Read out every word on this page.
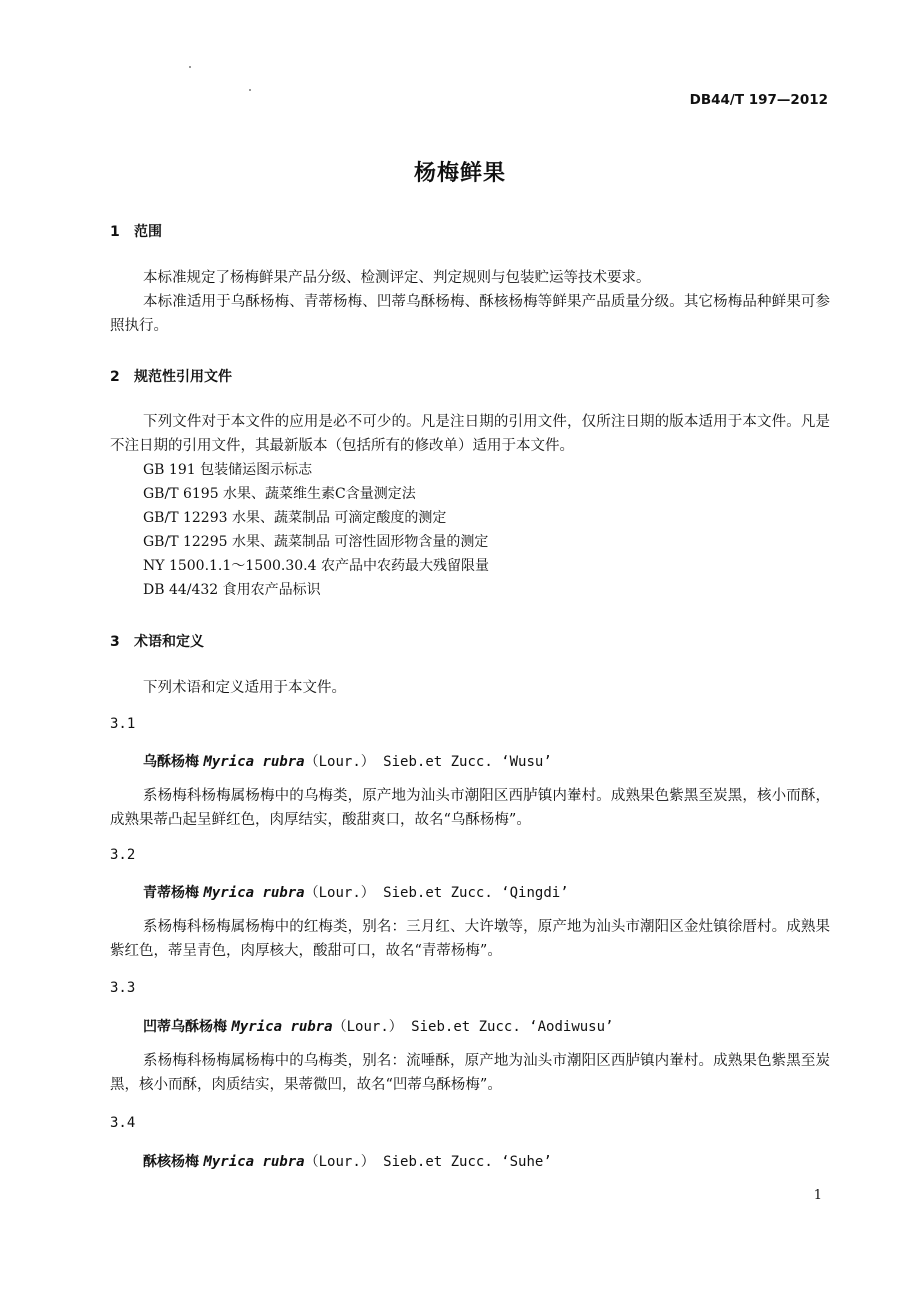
DB44/T 197—2012
杨梅鲜果
1 范围
本标准规定了杨梅鲜果产品分级、检测评定、判定规则与包装贮运等技术要求。
本标准适用于乌酥杨梅、青蒂杨梅、凹蒂乌酥杨梅、酥核杨梅等鲜果产品质量分级。其它杨梅品种鲜果可参照执行。
2 规范性引用文件
下列文件对于本文件的应用是必不可少的。凡是注日期的引用文件，仅所注日期的版本适用于本文件。凡是不注日期的引用文件，其最新版本（包括所有的修改单）适用于本文件。
GB 191 包装储运图示标志
GB/T 6195 水果、蔬菜维生素C含量测定法
GB/T 12293 水果、蔬菜制品 可滴定酸度的测定
GB/T 12295 水果、蔬菜制品 可溶性固形物含量的测定
NY 1500.1.1～1500.30.4 农产品中农药最大残留限量
DB 44/432 食用农产品标识
3 术语和定义
下列术语和定义适用于本文件。
3.1
乌酥杨梅 Myrica rubra（Lour.） Sieb.et Zucc. ‘Wusu’
系杨梅科杨梅属杨梅中的乌梅类，原产地为汕头市潮阳区西胪镇内輋村。成熟果色紫黑至炭黑，核小而酥，成熟果蒂凸起呈鲜红色，肉厚结实，酸甜爽口，故名“乌酥杨梅”。
3.2
青蒂杨梅 Myrica rubra（Lour.） Sieb.et Zucc. ‘Qingdi’
系杨梅科杨梅属杨梅中的红梅类，别名：三月红、大许墩等，原产地为汕头市潮阳区金灶镇徐厝村。成熟果紫红色，蒂呈青色，肉厚核大，酸甜可口，故名“青蒂杨梅”。
3.3
凹蒂乌酥杨梅 Myrica rubra（Lour.） Sieb.et Zucc. ‘Aodiwusu’
系杨梅科杨梅属杨梅中的乌梅类，别名：流唾酥，原产地为汕头市潮阳区西胪镇内輋村。成熟果色紫黑至炭黑，核小而酥，肉质结实，果蒂微凹，故名“凹蒂乌酥杨梅”。
3.4
酥核杨梅 Myrica rubra（Lour.） Sieb.et Zucc. ‘Suhe’
1
